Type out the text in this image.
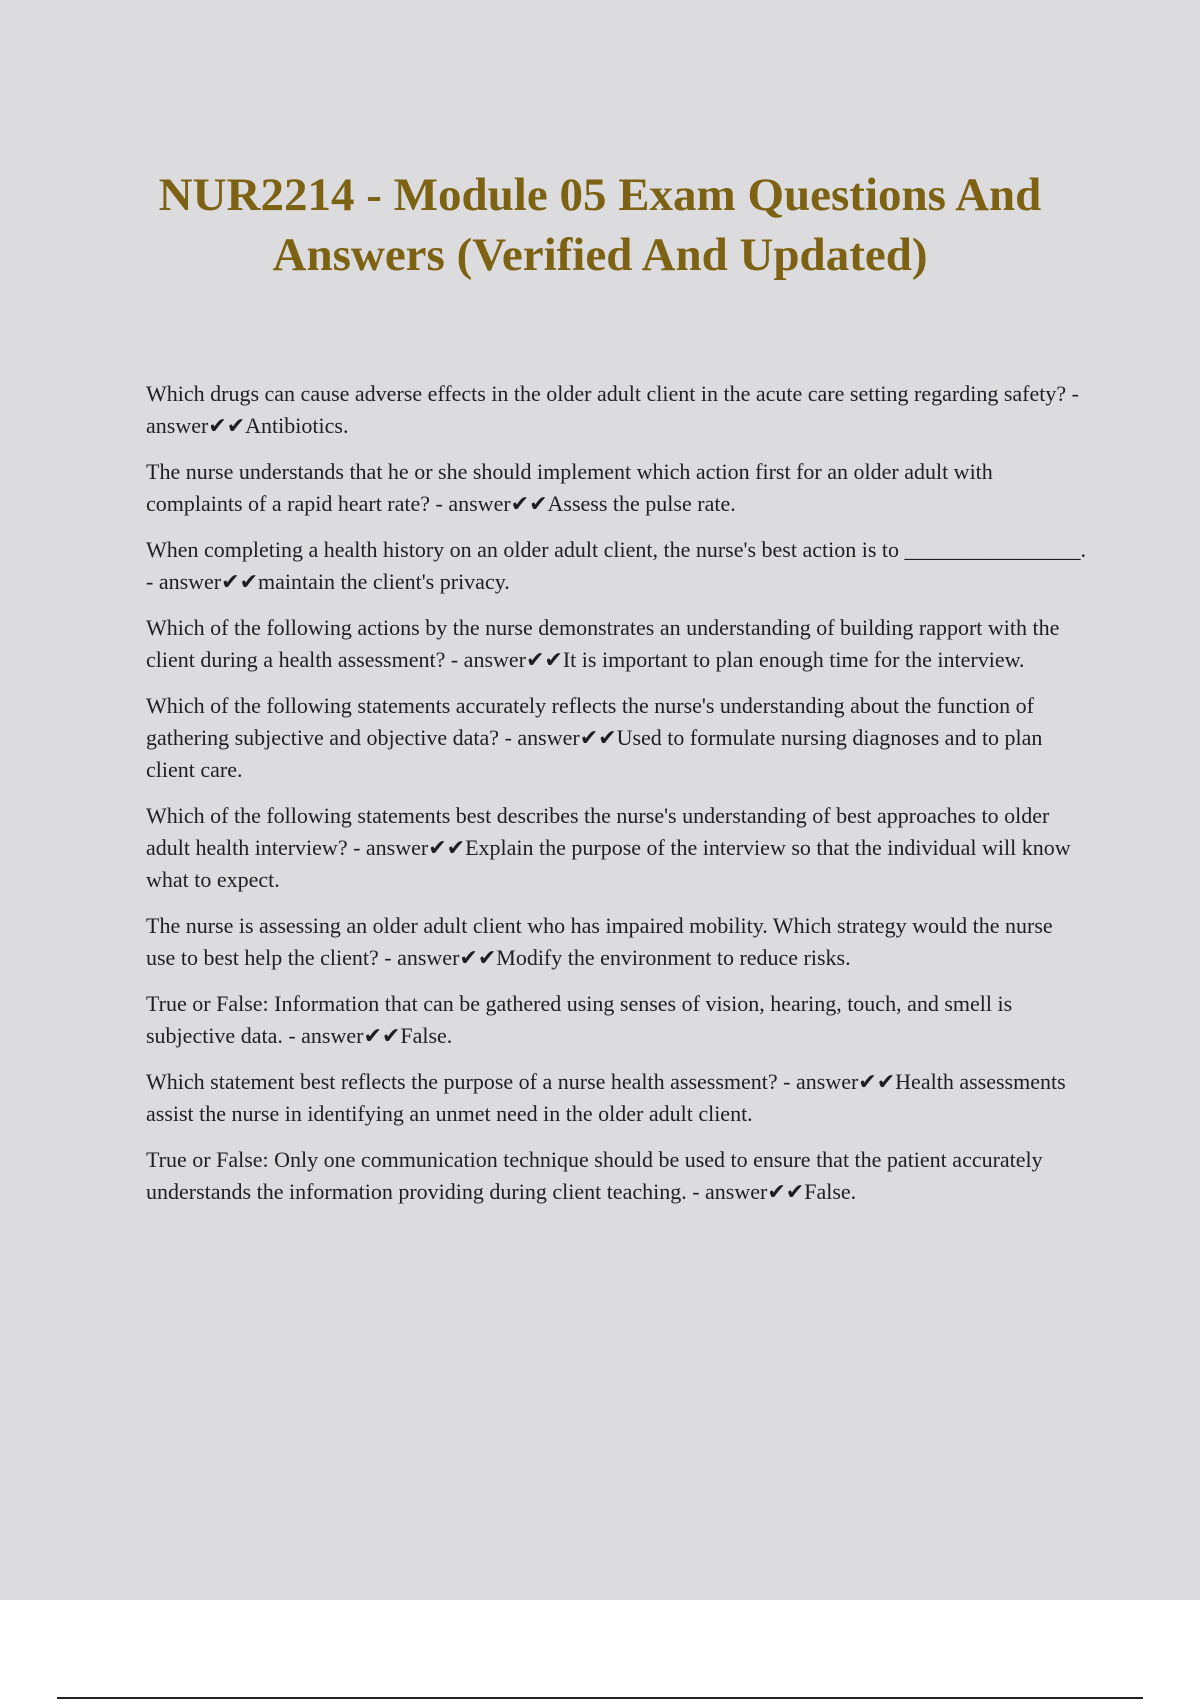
NUR2214 - Module 05 Exam Questions And Answers (Verified And Updated)
Which drugs can cause adverse effects in the older adult client in the acute care setting regarding safety? - answer✔✔Antibiotics.
The nurse understands that he or she should implement which action first for an older adult with complaints of a rapid heart rate? - answer✔✔Assess the pulse rate.
When completing a health history on an older adult client, the nurse's best action is to ________________. - answer✔✔maintain the client's privacy.
Which of the following actions by the nurse demonstrates an understanding of building rapport with the client during a health assessment? - answer✔✔It is important to plan enough time for the interview.
Which of the following statements accurately reflects the nurse's understanding about the function of gathering subjective and objective data? - answer✔✔Used to formulate nursing diagnoses and to plan client care.
Which of the following statements best describes the nurse's understanding of best approaches to older adult health interview? - answer✔✔Explain the purpose of the interview so that the individual will know what to expect.
The nurse is assessing an older adult client who has impaired mobility. Which strategy would the nurse use to best help the client? - answer✔✔Modify the environment to reduce risks.
True or False: Information that can be gathered using senses of vision, hearing, touch, and smell is subjective data. - answer✔✔False.
Which statement best reflects the purpose of a nurse health assessment? - answer✔✔Health assessments assist the nurse in identifying an unmet need in the older adult client.
True or False: Only one communication technique should be used to ensure that the patient accurately understands the information providing during client teaching. - answer✔✔False.
